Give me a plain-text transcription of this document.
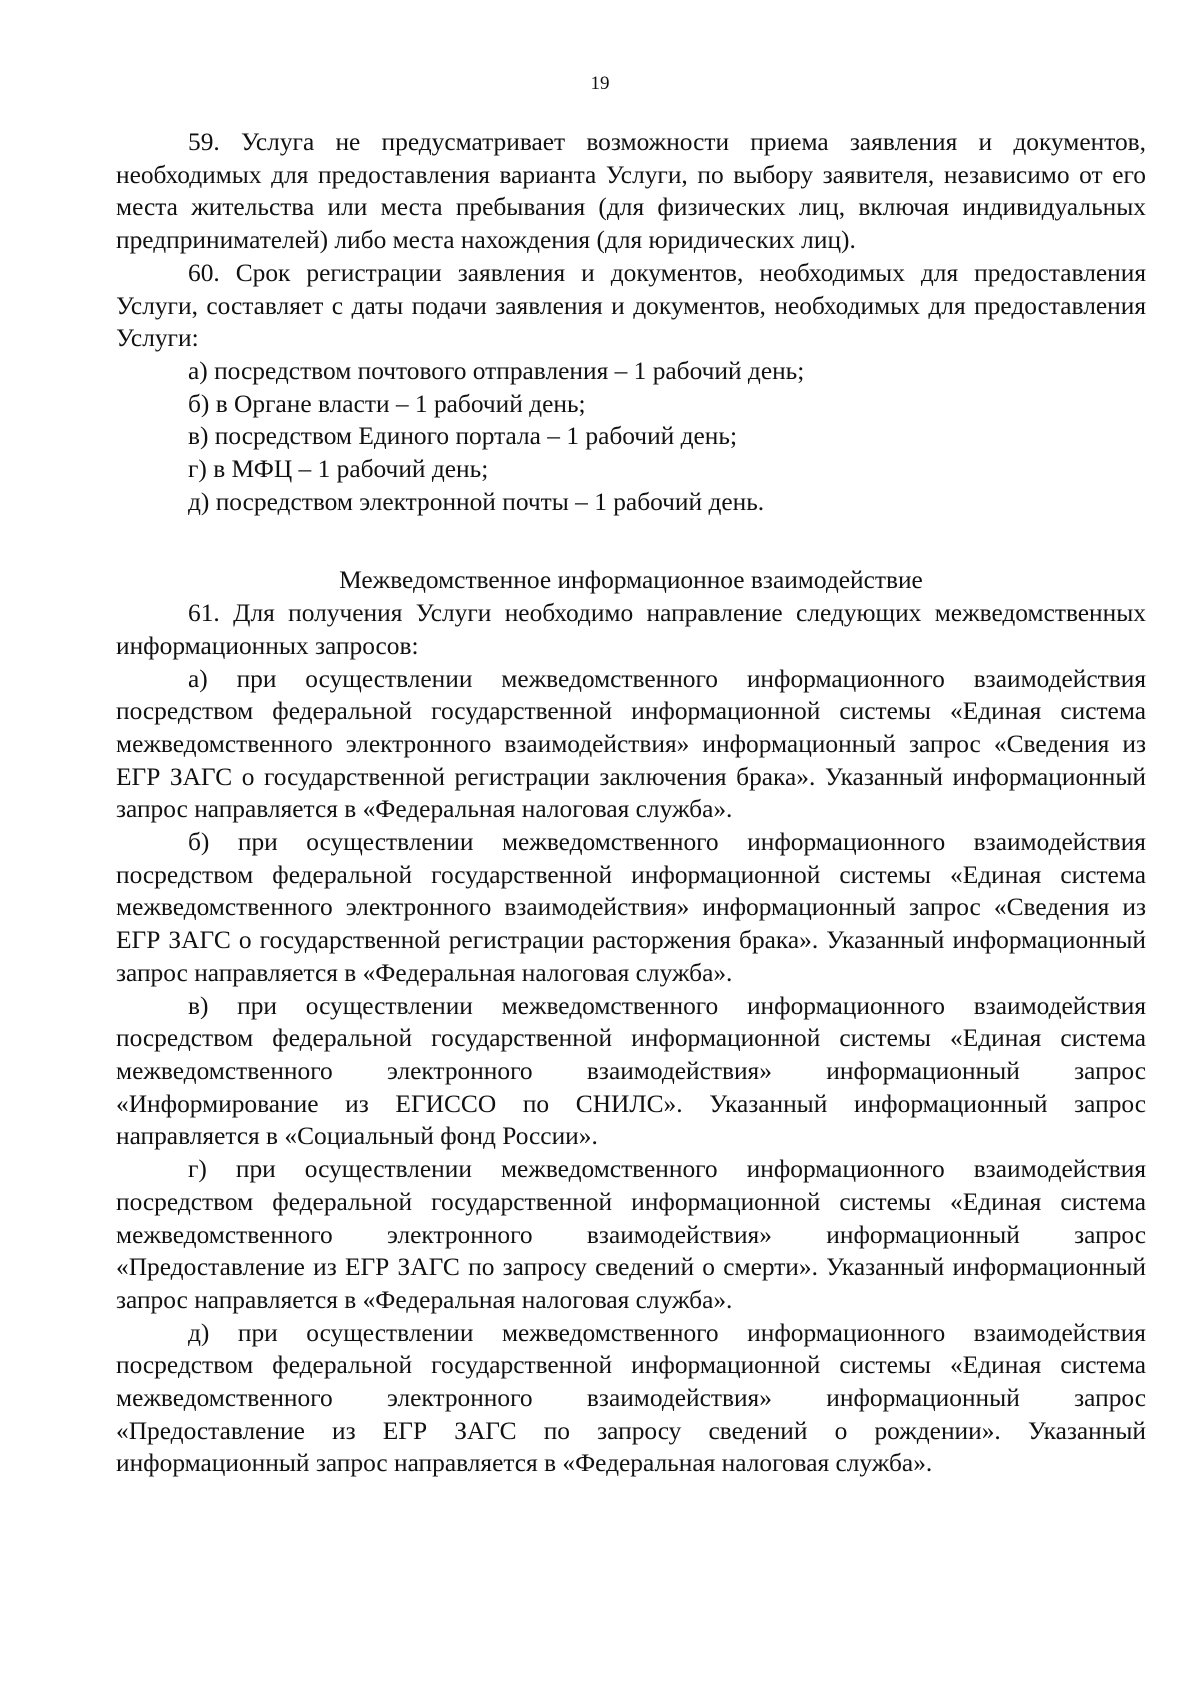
19

59. Услуга не предусматривает возможности приема заявления и документов, необходимых для предоставления варианта Услуги, по выбору заявителя, независимо от его места жительства или места пребывания (для физических лиц, включая индивидуальных предпринимателей) либо места нахождения (для юридических лиц).

60. Срок регистрации заявления и документов, необходимых для предоставления Услуги, составляет с даты подачи заявления и документов, необходимых для предоставления Услуги:

а) посредством почтового отправления – 1 рабочий день;

б) в Органе власти – 1 рабочий день;

в) посредством Единого портала – 1 рабочий день;

г) в МФЦ – 1 рабочий день;

д) посредством электронной почты – 1 рабочий день.

Межведомственное информационное взаимодействие

61. Для получения Услуги необходимо направление следующих межведомственных информационных запросов:

а) при осуществлении межведомственного информационного взаимодействия посредством федеральной государственной информационной системы «Единая система межведомственного электронного взаимодействия» информационный запрос «Сведения из ЕГР ЗАГС о государственной регистрации заключения брака». Указанный информационный запрос направляется в «Федеральная налоговая служба».

б) при осуществлении межведомственного информационного взаимодействия посредством федеральной государственной информационной системы «Единая система межведомственного электронного взаимодействия» информационный запрос «Сведения из ЕГР ЗАГС о государственной регистрации расторжения брака». Указанный информационный запрос направляется в «Федеральная налоговая служба».

в) при осуществлении межведомственного информационного взаимодействия посредством федеральной государственной информационной системы «Единая система межведомственного электронного взаимодействия» информационный запрос «Информирование из ЕГИССО по СНИЛС». Указанный информационный запрос направляется в «Социальный фонд России».

г) при осуществлении межведомственного информационного взаимодействия посредством федеральной государственной информационной системы «Единая система межведомственного электронного взаимодействия» информационный запрос «Предоставление из ЕГР ЗАГС по запросу сведений о смерти». Указанный информационный запрос направляется в «Федеральная налоговая служба».

д) при осуществлении межведомственного информационного взаимодействия посредством федеральной государственной информационной системы «Единая система межведомственного электронного взаимодействия» информационный запрос «Предоставление из ЕГР ЗАГС по запросу сведений о рождении». Указанный информационный запрос направляется в «Федеральная налоговая служба».
